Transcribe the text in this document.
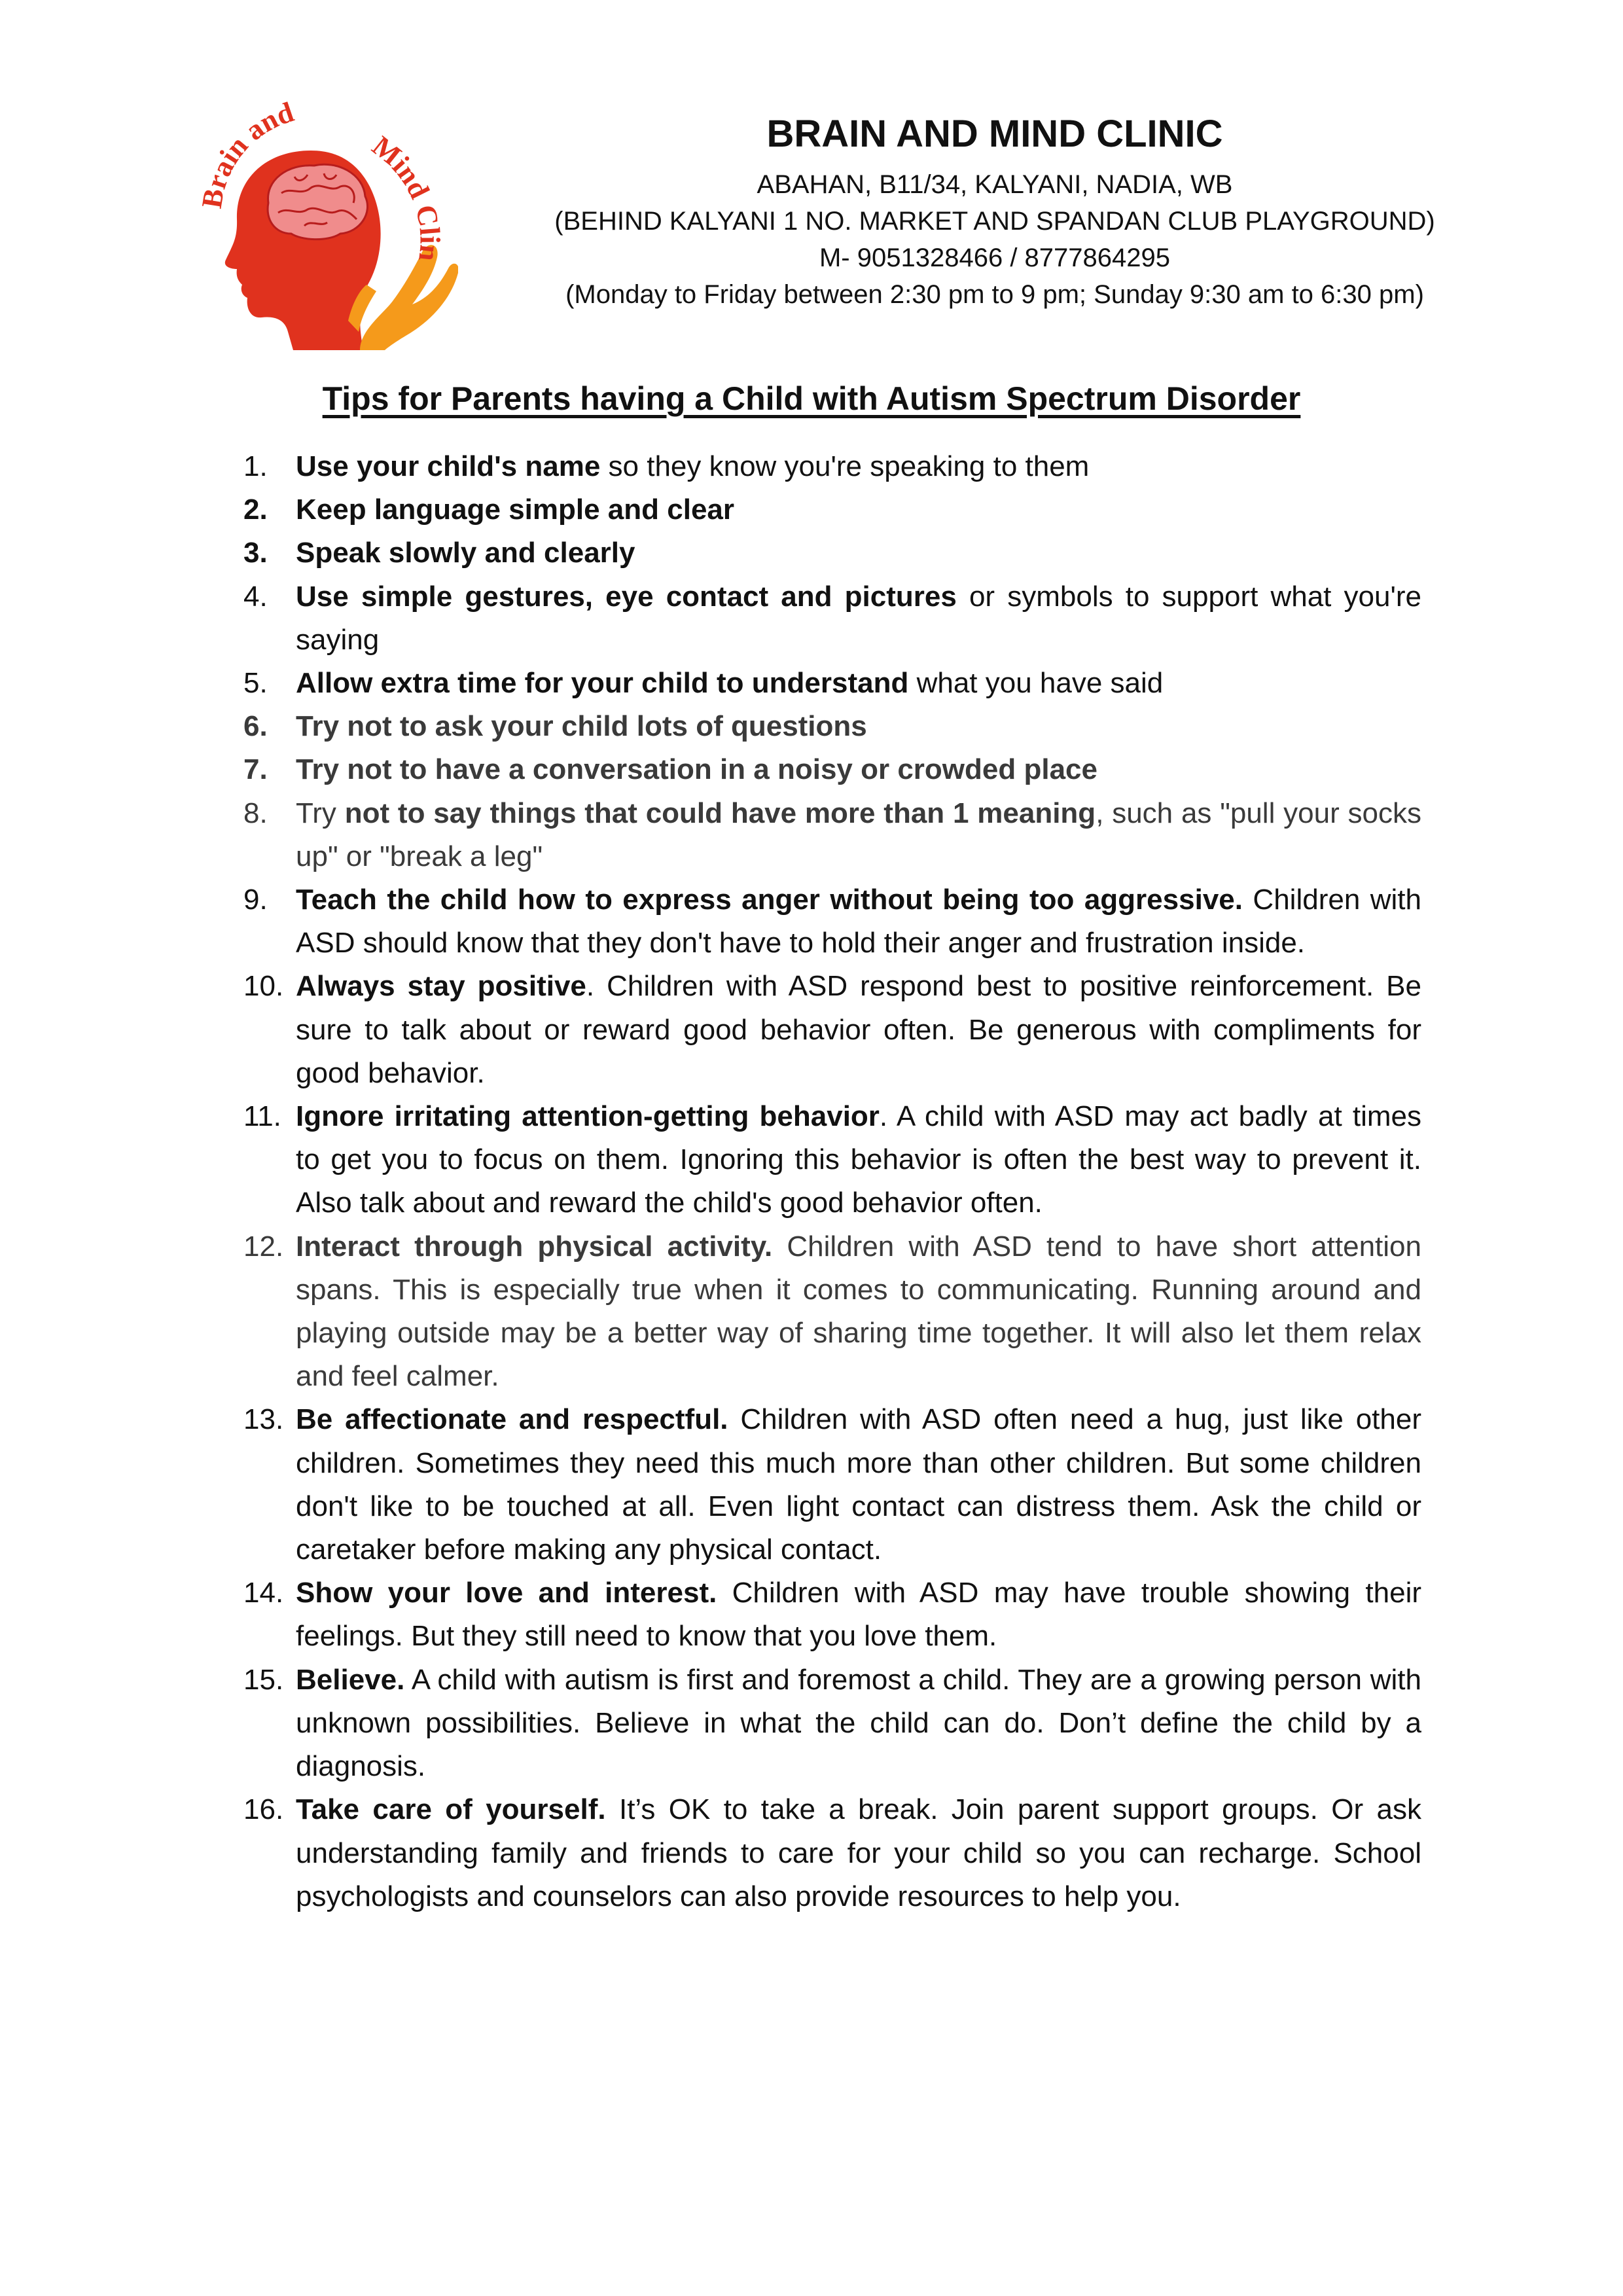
Brain and
Mind Clin
BRAIN AND MIND CLINIC

ABAHAN, B11/34, KALYANI, NADIA, WB

(BEHIND KALYANI 1 NO. MARKET AND SPANDAN CLUB PLAYGROUND)

M- 9051328466 / 8777864295

(Monday to Friday between 2:30 pm to 9 pm; Sunday 9:30 am to 6:30 pm)

Tips for Parents having a Child with Autism Spectrum Disorder
1. Use your child's name so they know you're speaking to them
2. Keep language simple and clear
3. Speak slowly and clearly
4. Use simple gestures, eye contact and pictures or symbols to support what you're saying
5. Allow extra time for your child to understand what you have said
6. Try not to ask your child lots of questions
7. Try not to have a conversation in a noisy or crowded place
8. Try not to say things that could have more than 1 meaning, such as "pull your socks up" or "break a leg"
9. Teach the child how to express anger without being too aggressive. Children with ASD should know that they don't have to hold their anger and frustration inside.
10. Always stay positive. Children with ASD respond best to positive reinforcement. Be sure to talk about or reward good behavior often. Be generous with compliments for good behavior.
11. Ignore irritating attention-getting behavior. A child with ASD may act badly at times to get you to focus on them. Ignoring this behavior is often the best way to prevent it. Also talk about and reward the child's good behavior often.
12. Interact through physical activity. Children with ASD tend to have short attention spans. This is especially true when it comes to communicating. Running around and playing outside may be a better way of sharing time together. It will also let them relax and feel calmer.
13. Be affectionate and respectful. Children with ASD often need a hug, just like other children. Sometimes they need this much more than other children. But some children don't like to be touched at all. Even light contact can distress them. Ask the child or caretaker before making any physical contact.
14. Show your love and interest. Children with ASD may have trouble showing their feelings. But they still need to know that you love them.
15. Believe. A child with autism is first and foremost a child. They are a growing person with unknown possibilities. Believe in what the child can do. Don’t define the child by a diagnosis.
16. Take care of yourself. It’s OK to take a break. Join parent support groups. Or ask understanding family and friends to care for your child so you can recharge. School psychologists and counselors can also provide resources to help you.
